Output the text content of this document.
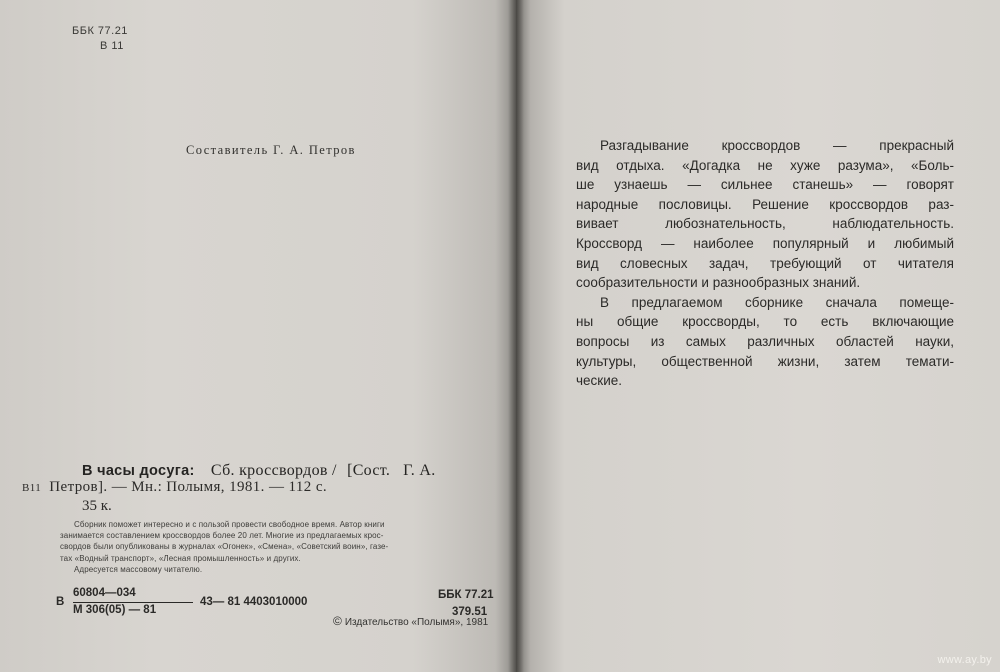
ББК 77.21
В 11
Составитель Г. А. Петров
В часы досуга: Сб. кроссвордов / [Сост.   Г. А.
В11 Петров]. — Мн.: Полымя, 1981. — 112 с.
35 к.
Сборник поможет интересно и с пользой провести свободное время. Автор книги
занимается составлением кроссвордов более 20 лет. Многие из предлагаемых крос-
свордов были опубликованы в журналах «Огонек», «Смена», «Советский воин», газе-
тах «Водный транспорт», «Лесная промышленность» и других.
Адресуется массовому читателю.
В
60804—034
М 306(05) — 81
43— 81 4403010000
ББК 77.21
379.51
© Издательство «Полымя», 1981
Разгадывание кроссвордов — прекрасный
вид отдыха. «Догадка не хуже разума», «Боль-
ше узнаешь — сильнее станешь» — говорят
народные пословицы. Решение кроссвордов раз-
вивает любознательность, наблюдательность.
Кроссворд — наиболее популярный и любимый
вид словесных задач, требующий от читателя
сообразительности и разнообразных знаний.
В предлагаемом сборнике сначала помеще-
ны общие кроссворды, то есть включающие
вопросы из самых различных областей науки,
культуры, общественной жизни, затем темати-
ческие.
www.ay.by
